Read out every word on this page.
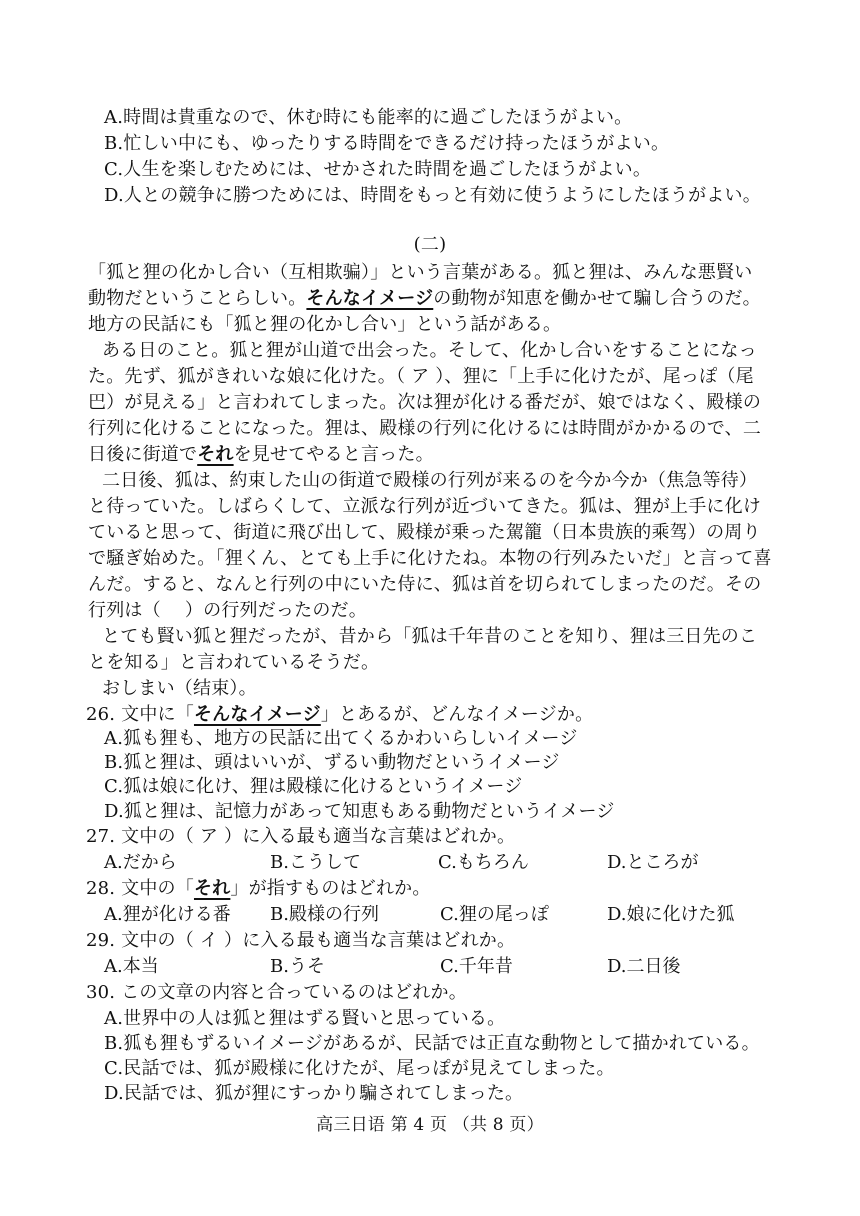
A.時間は貴重なので、休む時にも能率的に過ごしたほうがよい。
B.忙しい中にも、ゆったりする時間をできるだけ持ったほうがよい。
C.人生を楽しむためには、せかされた時間を過ごしたほうがよい。
D.人との競争に勝つためには、時間をもっと有効に使うようにしたほうがよい。
(二)
「狐と狸の化かし合い（互相欺骗）」という言葉がある。狐と狸は、みんな悪賢い
動物だということらしい。そんなイメージの動物が知恵を働かせて騙し合うのだ。
地方の民話にも「狐と狸の化かし合い」という話がある。
ある日のこと。狐と狸が山道で出会った。そして、化かし合いをすることになっ
た。先ず、狐がきれいな娘に化けた。（ ア ）、狸に「上手に化けたが、尾っぽ（尾
巴）が見える」と言われてしまった。次は狸が化ける番だが、娘ではなく、殿様の
行列に化けることになった。狸は、殿様の行列に化けるには時間がかかるので、二
日後に街道でそれを見せてやると言った。
二日後、狐は、約束した山の街道で殿様の行列が来るのを今か今か（焦急等待）
と待っていた。しばらくして、立派な行列が近づいてきた。狐は、狸が上手に化け
ていると思って、街道に飛び出して、殿様が乗った駕籠（日本贵族的乘驾）の周り
で騒ぎ始めた。「狸くん、とても上手に化けたね。本物の行列みたいだ」と言って喜
んだ。すると、なんと行列の中にいた侍に、狐は首を切られてしまったのだ。その
行列は（　 ）の行列だったのだ。
とても賢い狐と狸だったが、昔から「狐は千年昔のことを知り、狸は三日先のこ
とを知る」と言われているそうだ。
おしまい（结束）。
26. 文中に「そんなイメージ」とあるが、どんなイメージか。
A.狐も狸も、地方の民話に出てくるかわいらしいイメージ
B.狐と狸は、頭はいいが、ずるい動物だというイメージ
C.狐は娘に化け、狸は殿様に化けるというイメージ
D.狐と狸は、記憶力があって知恵もある動物だというイメージ
27. 文中の（ ア ）に入る最も適当な言葉はどれか。
A.だから	B.こうして	C.もちろん	D.ところが
28. 文中の「それ」が指すものはどれか。
A.狸が化ける番 B.殿様の行列	C.狸の尾っぽ	D.娘に化けた狐
29. 文中の（ イ ）に入る最も適当な言葉はどれか。
A.本当	B.うそ	C.千年昔	D.二日後
30. この文章の内容と合っているのはどれか。
A.世界中の人は狐と狸はずる賢いと思っている。
B.狐も狸もずるいイメージがあるが、民話では正直な動物として描かれている。
C.民話では、狐が殿様に化けたが、尾っぽが見えてしまった。
D.民話では、狐が狸にすっかり騙されてしまった。
高三日语 第 4 页 （共 8 页）
